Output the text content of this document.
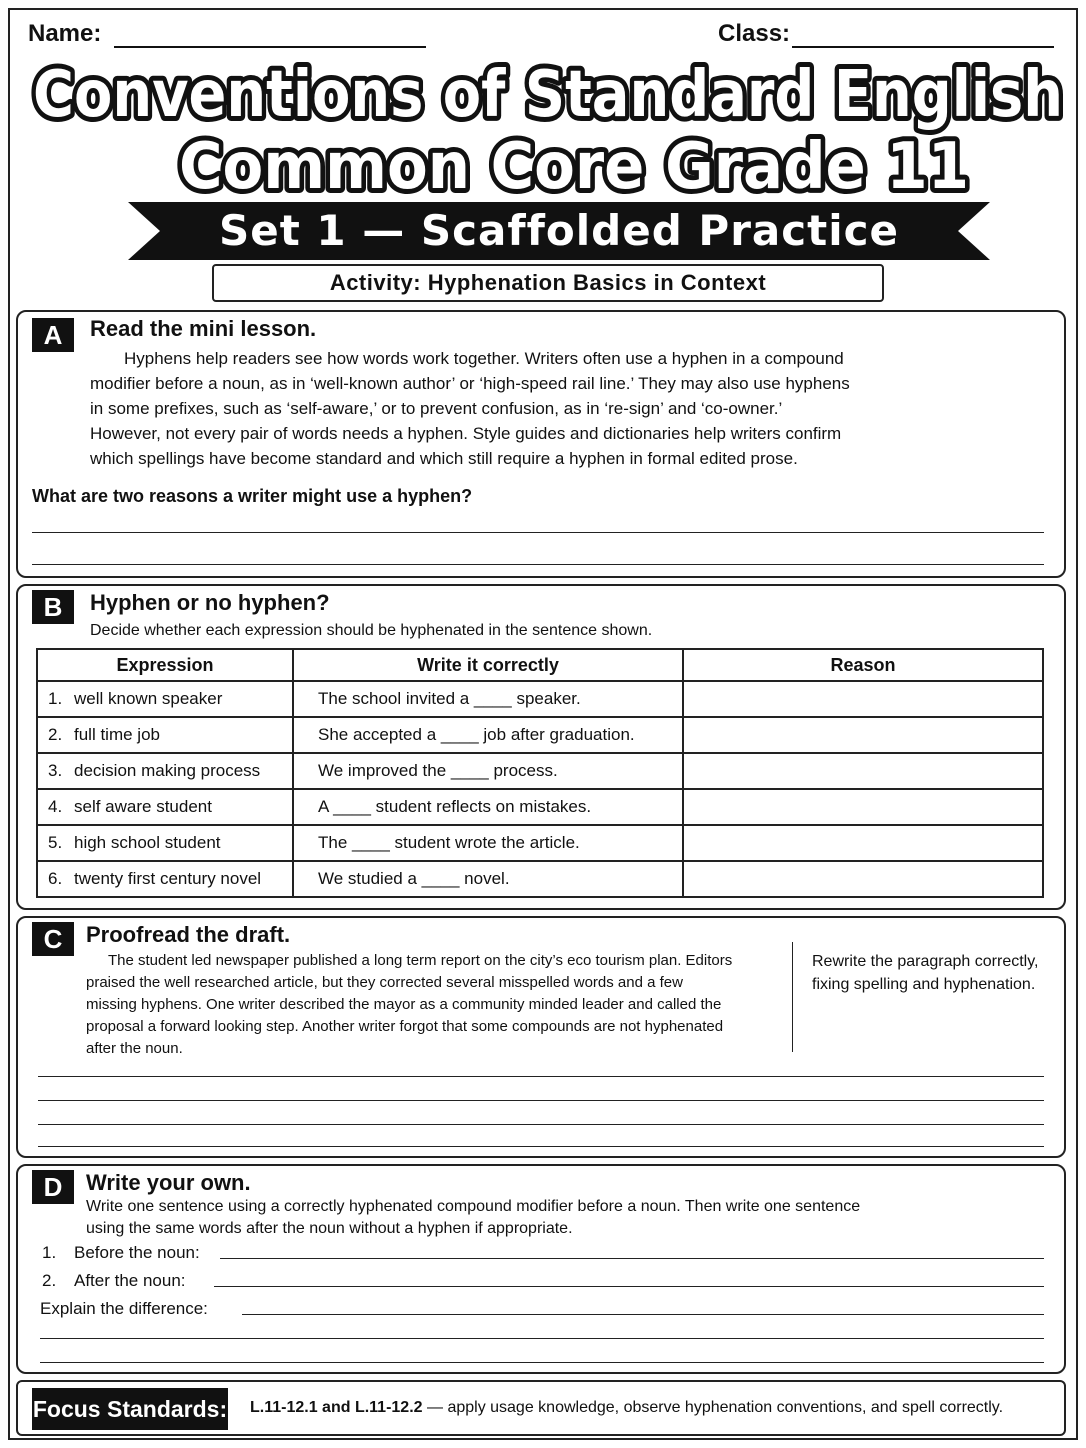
Name:	Class:
Conventions of Standard English
Common Core Grade 11
Set 1 — Scaffolded Practice
Activity: Hyphenation Basics in Context
A	Read the mini lesson.
Hyphens help readers see how words work together. Writers often use a hyphen in a compound
modifier before a noun, as in ‘well-known author’ or ‘high-speed rail line.’ They may also use hyphens
in some prefixes, such as ‘self-aware,’ or to prevent confusion, as in ‘re-sign’ and ‘co-owner.’
However, not every pair of words needs a hyphen. Style guides and dictionaries help writers confirm
which spellings have become standard and which still require a hyphen in formal edited prose.
What are two reasons a writer might use a hyphen?
B	Hyphen or no hyphen?
Decide whether each expression should be hyphenated in the sentence shown.
Expression	Write it correctly	Reason
1. well known speaker	The school invited a ____ speaker.	
2. full time job	She accepted a ____ job after graduation.	
3. decision making process	We improved the ____ process.	
4. self aware student	A ____ student reflects on mistakes.	
5. high school student	The ____ student wrote the article.	
6. twenty first century novel	We studied a ____ novel.	
C	Proofread the draft.
The student led newspaper published a long term report on the city’s eco tourism plan. Editors
praised the well researched article, but they corrected several misspelled words and a few
missing hyphens. One writer described the mayor as a community minded leader and called the
proposal a forward looking step. Another writer forgot that some compounds are not hyphenated
after the noun.
Rewrite the paragraph correctly,
fixing spelling and hyphenation.
D	Write your own.
Write one sentence using a correctly hyphenated compound modifier before a noun. Then write one sentence
using the same words after the noun without a hyphen if appropriate.
1. Before the noun:
2. After the noun:
Explain the difference:
Focus Standards: L.11-12.1 and L.11-12.2 — apply usage knowledge, observe hyphenation conventions, and spell correctly.
